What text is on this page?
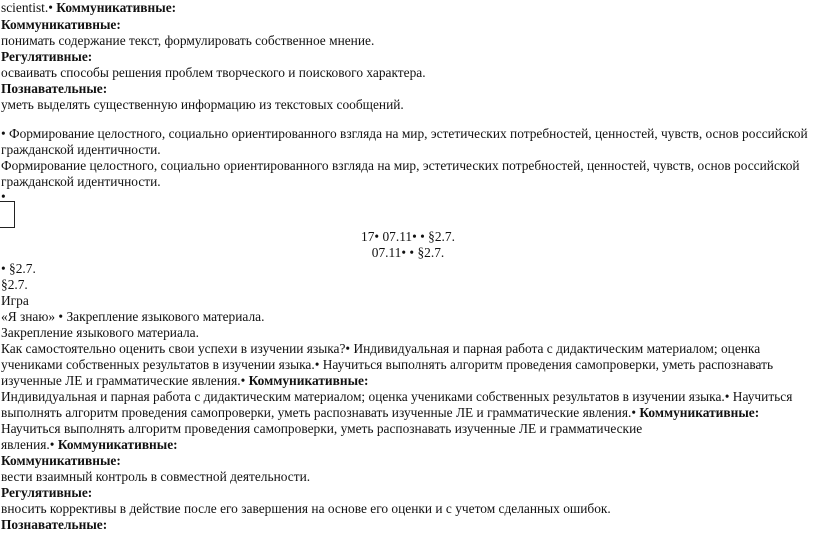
scientist.• Коммуникативные:
Коммуникативные:
понимать содержание текст, формулировать собственное мнение.
Регулятивные:
осваивать способы решения проблем творческого и поискового характера.
Познавательные:
уметь выделять существенную информацию из текстовых сообщений.
• Формирование целостного, социально ориентированного взгляда на мир, эстетических потребностей, ценностей, чувств, основ российской
гражданской идентичности.
Формирование целостного, социально ориентированного взгляда на мир, эстетических потребностей, ценностей, чувств, основ российской
гражданской идентичности.
•
17• 07.11• • §2.7.
07.11• • §2.7.
• §2.7.
§2.7.
Игра
«Я знаю» • Закрепление языкового материала.
Закрепление языкового материала.
Как самостоятельно оценить свои успехи в изучении языка?• Индивидуальная и парная работа с дидактическим материалом; оценка
учениками собственных результатов в изучении языка.• Научиться выполнять алгоритм проведения самопроверки, уметь распознавать
изученные ЛЕ и грамматические явления.• Коммуникативные:
Индивидуальная и парная работа с дидактическим материалом; оценка учениками собственных результатов в изучении языка.• Научиться
выполнять алгоритм проведения самопроверки, уметь распознавать изученные ЛЕ и грамматические явления.• Коммуникативные:
Научиться выполнять алгоритм проведения самопроверки, уметь распознавать изученные ЛЕ и грамматические
явления.• Коммуникативные:
Коммуникативные:
вести взаимный контроль в совместной деятельности.
Регулятивные:
вносить коррективы в действие после его завершения на основе его оценки и с учетом сделанных ошибок.
Познавательные:
